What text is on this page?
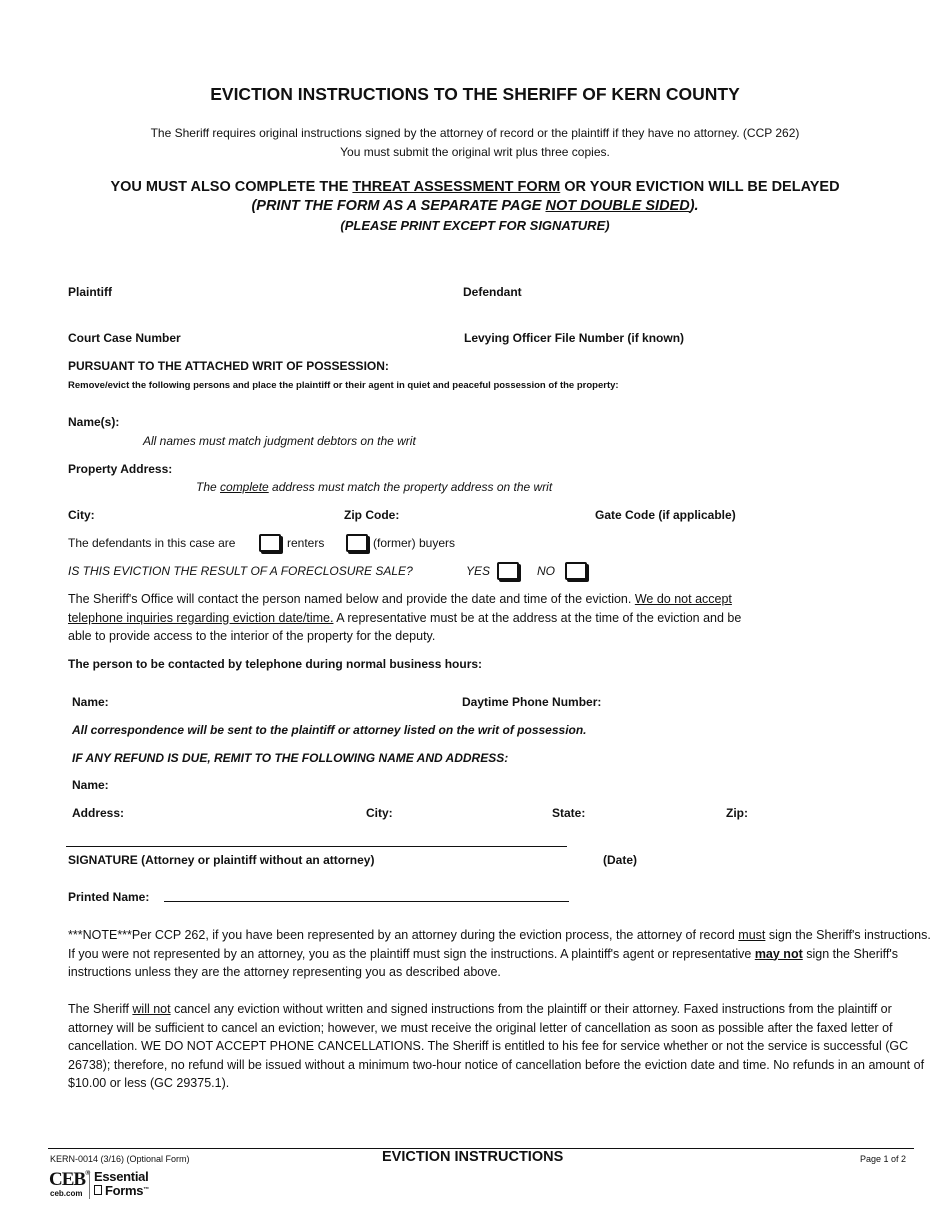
EVICTION INSTRUCTIONS TO THE SHERIFF OF KERN COUNTY
The Sheriff requires original instructions signed by the attorney of record or the plaintiff if they have no attorney. (CCP 262)
You must submit the original writ plus three copies.
YOU MUST ALSO COMPLETE THE THREAT ASSESSMENT FORM OR YOUR EVICTION WILL BE DELAYED
(PRINT THE FORM AS A SEPARATE PAGE NOT DOUBLE SIDED).
(PLEASE PRINT EXCEPT FOR SIGNATURE)
Plaintiff	Defendant
Court Case Number	Levying Officer File Number (if known)
PURSUANT TO THE ATTACHED WRIT OF POSSESSION:
Remove/evict the following persons and place the plaintiff or their agent in quiet and peaceful possession of the property:
Name(s):
All names must match judgment debtors on the writ
Property Address:
The complete address must match the property address on the writ
City:	Zip Code:	Gate Code (if applicable)
The defendants in this case are	renters	(former) buyers
IS THIS EVICTION THE RESULT OF A FORECLOSURE SALE?	YES	NO
The Sheriff's Office will contact the person named below and provide the date and time of the eviction. We do not accept telephone inquiries regarding eviction date/time. A representative must be at the address at the time of the eviction and be able to provide access to the interior of the property for the deputy.
The person to be contacted by telephone during normal business hours:
Name:	Daytime Phone Number:
All correspondence will be sent to the plaintiff or attorney listed on the writ of possession.
IF ANY REFUND IS DUE, REMIT TO THE FOLLOWING NAME AND ADDRESS:
Name:
Address:	City:	State:	Zip:
SIGNATURE (Attorney or plaintiff without an attorney)	(Date)
Printed Name:
***NOTE***Per CCP 262, if you have been represented by an attorney during the eviction process, the attorney of record must sign the Sheriff's instructions. If you were not represented by an attorney, you as the plaintiff must sign the instructions. A plaintiff's agent or representative may not sign the Sheriff's instructions unless they are the attorney representing you as described above.
The Sheriff will not cancel any eviction without written and signed instructions from the plaintiff or their attorney. Faxed instructions from the plaintiff or attorney will be sufficient to cancel an eviction; however, we must receive the original letter of cancellation as soon as possible after the faxed letter of cancellation. WE DO NOT ACCEPT PHONE CANCELLATIONS. The Sheriff is entitled to his fee for service whether or not the service is successful (GC 26738); therefore, no refund will be issued without a minimum two-hour notice of cancellation before the eviction date and time. No refunds in an amount of $10.00 or less (GC 29375.1).
KERN-0014 (3/16) (Optional Form)	EVICTION INSTRUCTIONS	Page 1 of 2
CEB®
ceb.com
Essential
Forms™
